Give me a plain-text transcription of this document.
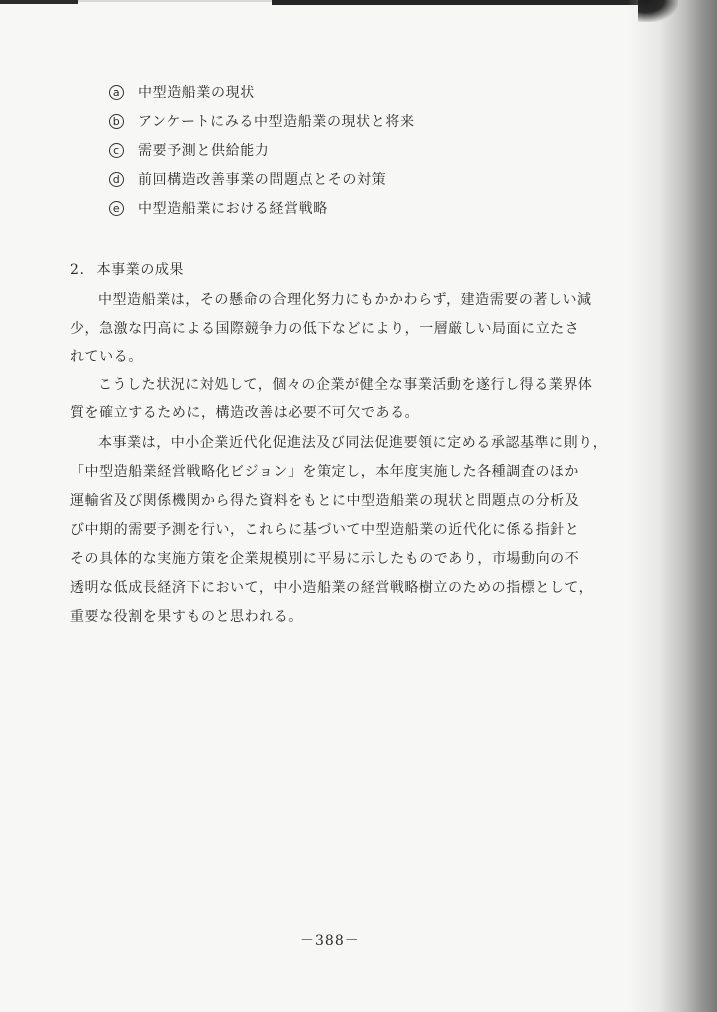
a 中型造船業の現状
b アンケートにみる中型造船業の現状と将来
c 需要予測と供給能力
d 前回構造改善事業の問題点とその対策
e 中型造船業における経営戦略
2. 本事業の成果
中型造船業は，その懸命の合理化努力にもかかわらず，建造需要の著しい減
少，急激な円高による国際競争力の低下などにより，一層厳しい局面に立たさ
れている。
こうした状況に対処して，個々の企業が健全な事業活動を遂行し得る業界体
質を確立するために，構造改善は必要不可欠である。
本事業は，中小企業近代化促進法及び同法促進要領に定める承認基準に則り，
「中型造船業経営戦略化ビジョン」を策定し，本年度実施した各種調査のほか
運輸省及び関係機関から得た資料をもとに中型造船業の現状と問題点の分析及
び中期的需要予測を行い，これらに基づいて中型造船業の近代化に係る指針と
その具体的な実施方策を企業規模別に平易に示したものであり，市場動向の不
透明な低成長経済下において，中小造船業の経営戦略樹立のための指標として，
重要な役割を果すものと思われる。
－388－
